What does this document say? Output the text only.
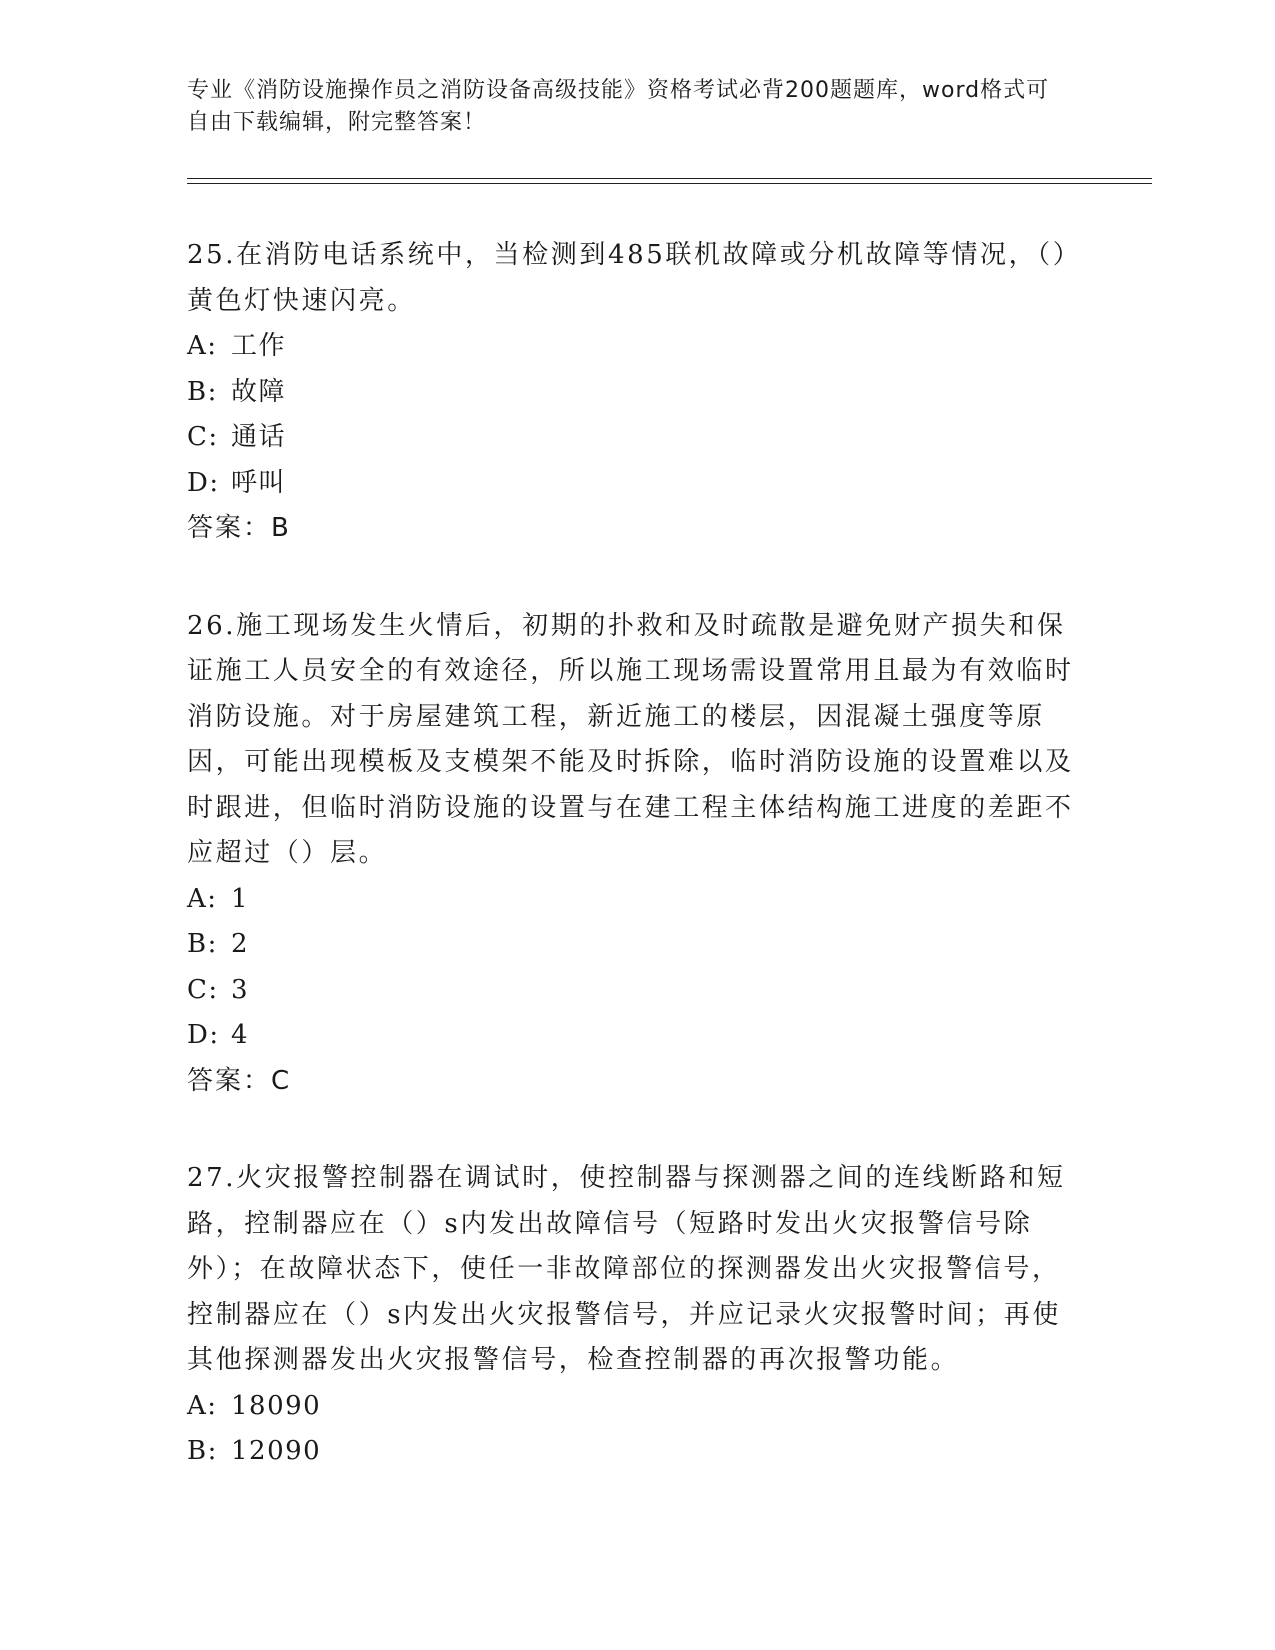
专业《消防设施操作员之消防设备高级技能》资格考试必背200题题库，word格式可自由下载编辑，附完整答案！

25.在消防电话系统中，当检测到485联机故障或分机故障等情况，（）黄色灯快速闪亮。

A: 工作

B: 故障

C: 通话

D: 呼叫

答案：B

26.施工现场发生火情后，初期的扑救和及时疏散是避免财产损失和保证施工人员安全的有效途径，所以施工现场需设置常用且最为有效临时消防设施。对于房屋建筑工程，新近施工的楼层，因混凝土强度等原因，可能出现模板及支模架不能及时拆除，临时消防设施的设置难以及时跟进，但临时消防设施的设置与在建工程主体结构施工进度的差距不应超过（）层。

A: 1

B: 2

C: 3

D: 4

答案：C

27.火灾报警控制器在调试时，使控制器与探测器之间的连线断路和短路，控制器应在（）s内发出故障信号（短路时发出火灾报警信号除外）；在故障状态下，使任一非故障部位的探测器发出火灾报警信号，控制器应在（）s内发出火灾报警信号，并应记录火灾报警时间；再使其他探测器发出火灾报警信号，检查控制器的再次报警功能。

A: 18090

B: 12090
